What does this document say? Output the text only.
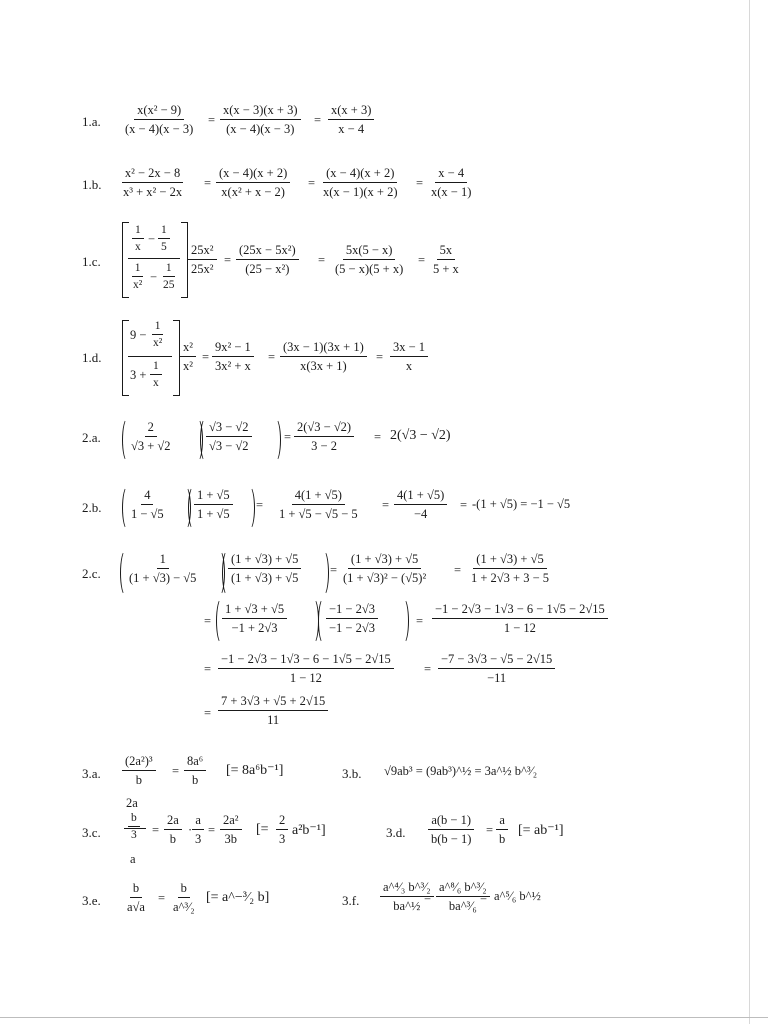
1.a. $\frac{\text{x(x² − 9)}}{(x - 4)(x - 3)} = \frac{x(x - 3)(x + 3)}{(x - 4)(x - 3)} = \frac{x(x + 3)}{x - 4}$
1.b. $\frac{\text{x² − 2x − 8}}{\text{x³ + x² − 2x}} = \frac{(x - 4)(x + 2)}{\text{x(x² + x − 2)}} = \frac{(x - 4)(x + 2)}{x(x - 1)(x + 2)} = \frac{x - 4}{x(x - 1)}$
1.c.
$\frac{1}{x} - \frac{1}{5}$
$\frac{1}{\text{x²}} - \frac{1}{25}$
$\frac{\text{25x²}}{\text{25x²}} = \frac{\text{(25x − 5x²)}}{\text{(25 − x²)}} = \frac{5x(5 - x)}{(5 - x)(5 + x)} = \frac{5x}{5 + x}$
1.d.
$9 - \frac{1}{\text{x²}}$
$3 + \frac{1}{x}$
$\frac{\text{x²}}{\text{x²}} = \frac{\text{9x² − 1}}{\text{3x² + x}} = \frac{(3x - 1)(3x + 1)}{x(3x + 1)} = \frac{3x - 1}{x}$
2.a. $\frac{2}{√3 + √2}$	$\frac{√3 - √2}{√3 - √2}$	= $\frac{2(√3 - √2)}{3 - 2} = 2(√3 - √2)$
2.b. $\frac{4}{1 - √5} \frac{1 + √5}{1 + √5} = \frac{4(1 + √5)}{1 + √5 - √5 - 5} = \frac{4(1 + √5)}{-4} = -(1 + √5) = -1 - √5$
2.c. $\frac{1}{(1 + √3) - √5} \frac{(1 + √3) + √5}{(1 + √3) + √5} = \frac{(1 + √3) + √5}{\text{(1 + √3)² − (√5)²}} = \frac{(1 + √3) + √5}{1 + 2√3 + 3 - 5}$
= $\frac{1 + √3 + √5}{-1 + 2√3}$	$\frac{-1 - 2√3}{-1 - 2√3}$	= $\frac{-1 - 2√3 - 1√3 - 6 - 1√5 - 2√15}{1 - 12}$
= $\frac{-1 - 2√3 - 1√3 - 6 - 1√5 - 2√15}{1 - 12} = \frac{-7 - 3√3 - √5 - 2√15}{-11}$
= $\frac{7 + 3√3 + √5 + 2√15}{11}$
3.a. $\frac{\text{(2a²)³}}{b} = \frac{\text{8a⁶}}{b}$ [= 8a⁶b⁻¹]	3.b. √9ab³ = (9ab³)^½ = 3a^½ b^³⁄₂
3.c.
2a
$\frac{b}{3}$
a
= $\frac{2a}{b} \cdot \frac{a}{3} = \frac{\text{2a²}}{3b}$ [= $\frac{2}{3} a^2b^{-1}$]	3.d. $\frac{a(b - 1)}{b(b - 1)} = \frac{a}{b}$ [= ab⁻¹]
3.e. $\frac{b}{a√a} = \frac{b}{\text{a\textasciicircum{}³⁄₂}}$ [= a^−³⁄₂ b]	3.f. $\frac{\text{a\textasciicircum{}⁴⁄₃ b\textasciicircum{}³⁄₂}}{\text{ba\textasciicircum{}½}}$
= $\frac{\text{a\textasciicircum{}⁸⁄₆ b\textasciicircum{}³⁄₂}}{\text{ba\textasciicircum{}³⁄₆}}$
= a^⁵⁄₆ b^½
